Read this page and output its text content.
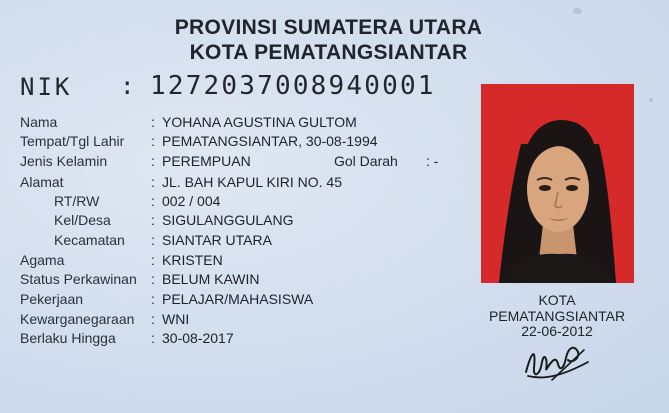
PROVINSI SUMATERA UTARA
KOTA PEMATANGSIANTAR
NIK : 1272037008940001
Nama	: YOHANA AGUSTINA GULTOM
Tempat/Tgl Lahir : PEMATANGSIANTAR, 30-08-1994
Jenis Kelamin	: PEREMPUAN	Gol Darah : -
Alamat	: JL. BAH KAPUL KIRI NO. 45
RT/RW	: 002 / 004
Kel/Desa	: SIGULANGGULANG
Kecamatan : SIANTAR UTARA
Agama	: KRISTEN
Status Perkawinan : BELUM KAWIN
Pekerjaan	: PELAJAR/MAHASISWA
Kewarganegaraan : WNI
Berlaku Hingga	: 30-08-2017
KOTA
PEMATANGSIANTAR
22-06-2012
